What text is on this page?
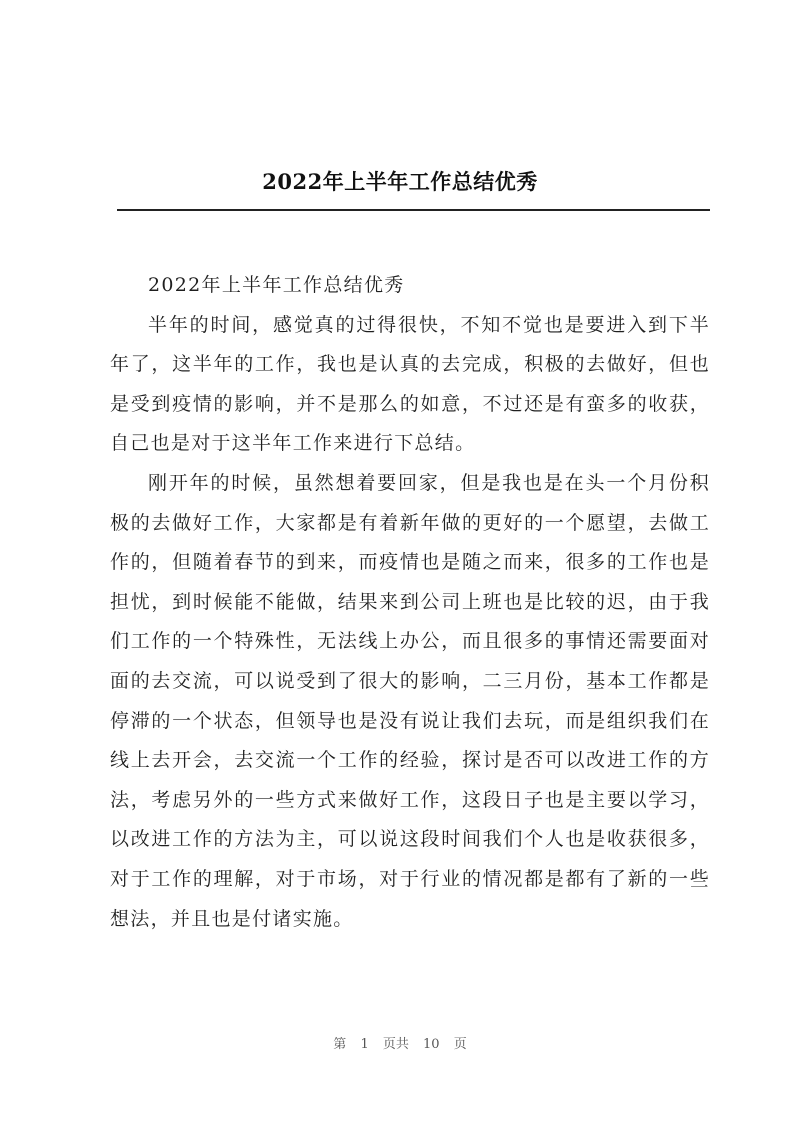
2022年上半年工作总结优秀

2022年上半年工作总结优秀

半年的时间，感觉真的过得很快，不知不觉也是要进入到下半年了，这半年的工作，我也是认真的去完成，积极的去做好，但也是受到疫情的影响，并不是那么的如意，不过还是有蛮多的收获，自己也是对于这半年工作来进行下总结。

刚开年的时候，虽然想着要回家，但是我也是在头一个月份积极的去做好工作，大家都是有着新年做的更好的一个愿望，去做工作的，但随着春节的到来，而疫情也是随之而来，很多的工作也是担忧，到时候能不能做，结果来到公司上班也是比较的迟，由于我们工作的一个特殊性，无法线上办公，而且很多的事情还需要面对面的去交流，可以说受到了很大的影响，二三月份，基本工作都是停滞的一个状态，但领导也是没有说让我们去玩，而是组织我们在线上去开会，去交流一个工作的经验，探讨是否可以改进工作的方法，考虑另外的一些方式来做好工作，这段日子也是主要以学习，以改进工作的方法为主，可以说这段时间我们个人也是收获很多，对于工作的理解，对于市场，对于行业的情况都是都有了新的一些想法，并且也是付诸实施。

第 1 页共 10 页
